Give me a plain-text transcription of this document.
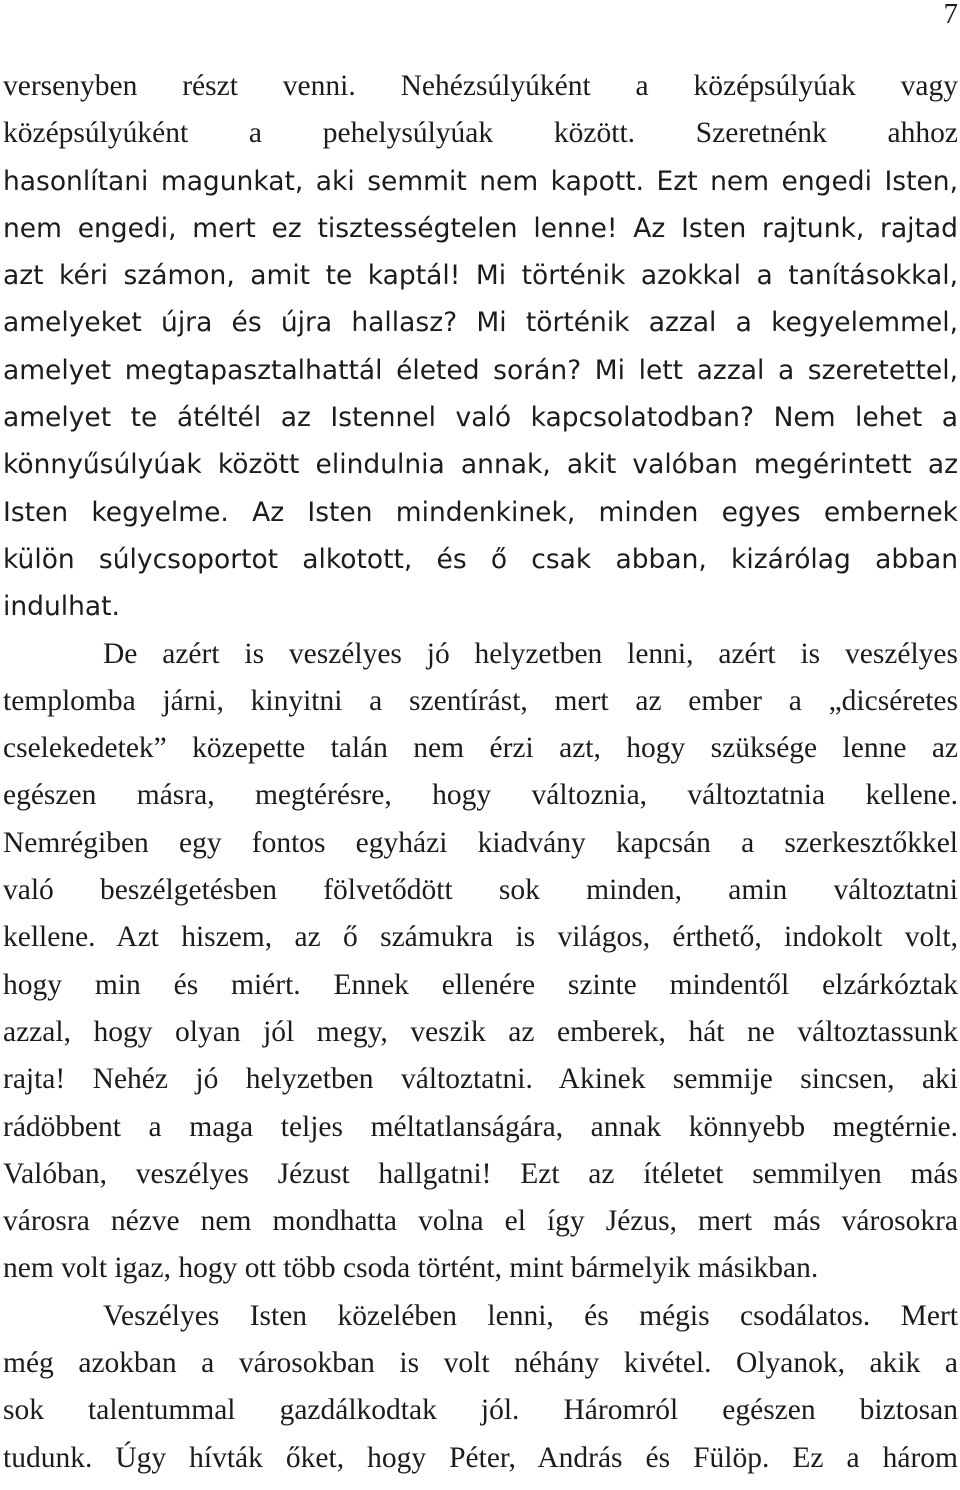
7
versenyben részt venni. Nehézsúlyúként a középsúlyúak vagy
középsúlyúként a pehelysúlyúak között. Szeretnénk ahhoz
hasonlítani magunkat, aki semmit nem kapott. Ezt nem engedi Isten,
nem engedi, mert ez tisztességtelen lenne! Az Isten rajtunk, rajtad
azt kéri számon, amit te kaptál! Mi történik azokkal a tanításokkal,
amelyeket újra és újra hallasz? Mi történik azzal a kegyelemmel,
amelyet megtapasztalhattál életed során? Mi lett azzal a szeretettel,
amelyet te átéltél az Istennel való kapcsolatodban? Nem lehet a
könnyűsúlyúak között elindulnia annak, akit valóban megérintett az
Isten kegyelme. Az Isten mindenkinek, minden egyes embernek
külön súlycsoportot alkotott, és ő csak abban, kizárólag abban
indulhat.
De azért is veszélyes jó helyzetben lenni, azért is veszélyes
templomba járni, kinyitni a szentírást, mert az ember a „dicséretes
cselekedetek” közepette talán nem érzi azt, hogy szüksége lenne az
egészen másra, megtérésre, hogy változnia, változtatnia kellene.
Nemrégiben egy fontos egyházi kiadvány kapcsán a szerkesztőkkel
való beszélgetésben fölvetődött sok minden, amin változtatni
kellene. Azt hiszem, az ő számukra is világos, érthető, indokolt volt,
hogy min és miért. Ennek ellenére szinte mindentől elzárkóztak
azzal, hogy olyan jól megy, veszik az emberek, hát ne változtassunk
rajta! Nehéz jó helyzetben változtatni. Akinek semmije sincsen, aki
rádöbbent a maga teljes méltatlanságára, annak könnyebb megtérnie.
Valóban, veszélyes Jézust hallgatni! Ezt az ítéletet semmilyen más
városra nézve nem mondhatta volna el így Jézus, mert más városokra
nem volt igaz, hogy ott több csoda történt, mint bármelyik másikban.
Veszélyes Isten közelében lenni, és mégis csodálatos. Mert
még azokban a városokban is volt néhány kivétel. Olyanok, akik a
sok talentummal gazdálkodtak jól. Háromról egészen biztosan
tudunk. Úgy hívták őket, hogy Péter, András és Fülöp. Ez a három
